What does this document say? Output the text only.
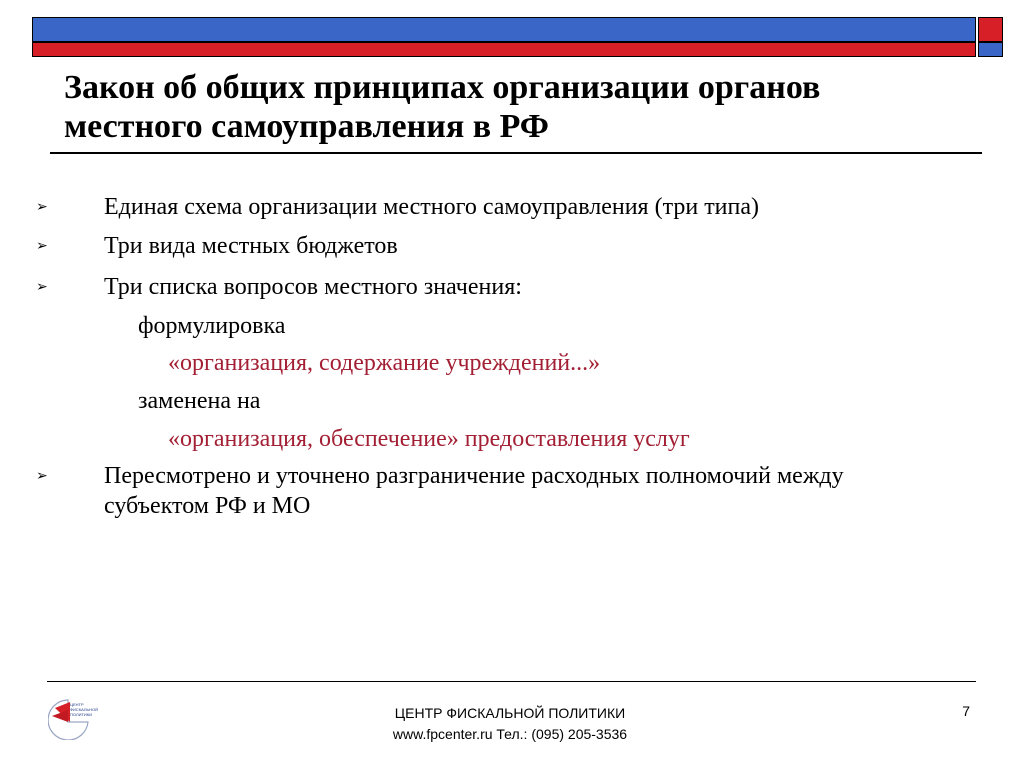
Закон об общих принципах организации органов
местного самоуправления в РФ
➢ Единая схема организации местного самоуправления (три типа)
➢ Три вида местных бюджетов
➢ Три списка вопросов местного значения:
формулировка
«организация, содержание учреждений...»
заменена на
«организация, обеспечение» предоставления услуг
➢ Пересмотрено и уточнено разграничение расходных полномочий между
субъектом РФ и МО
ЦЕНТР
ФИСКАЛЬНОЙ
ПОЛИТИКИ	ЦЕНТР ФИСКАЛЬНОЙ ПОЛИТИКИ
www.fpcenter.ru Тел.: (095) 205-3536
7
